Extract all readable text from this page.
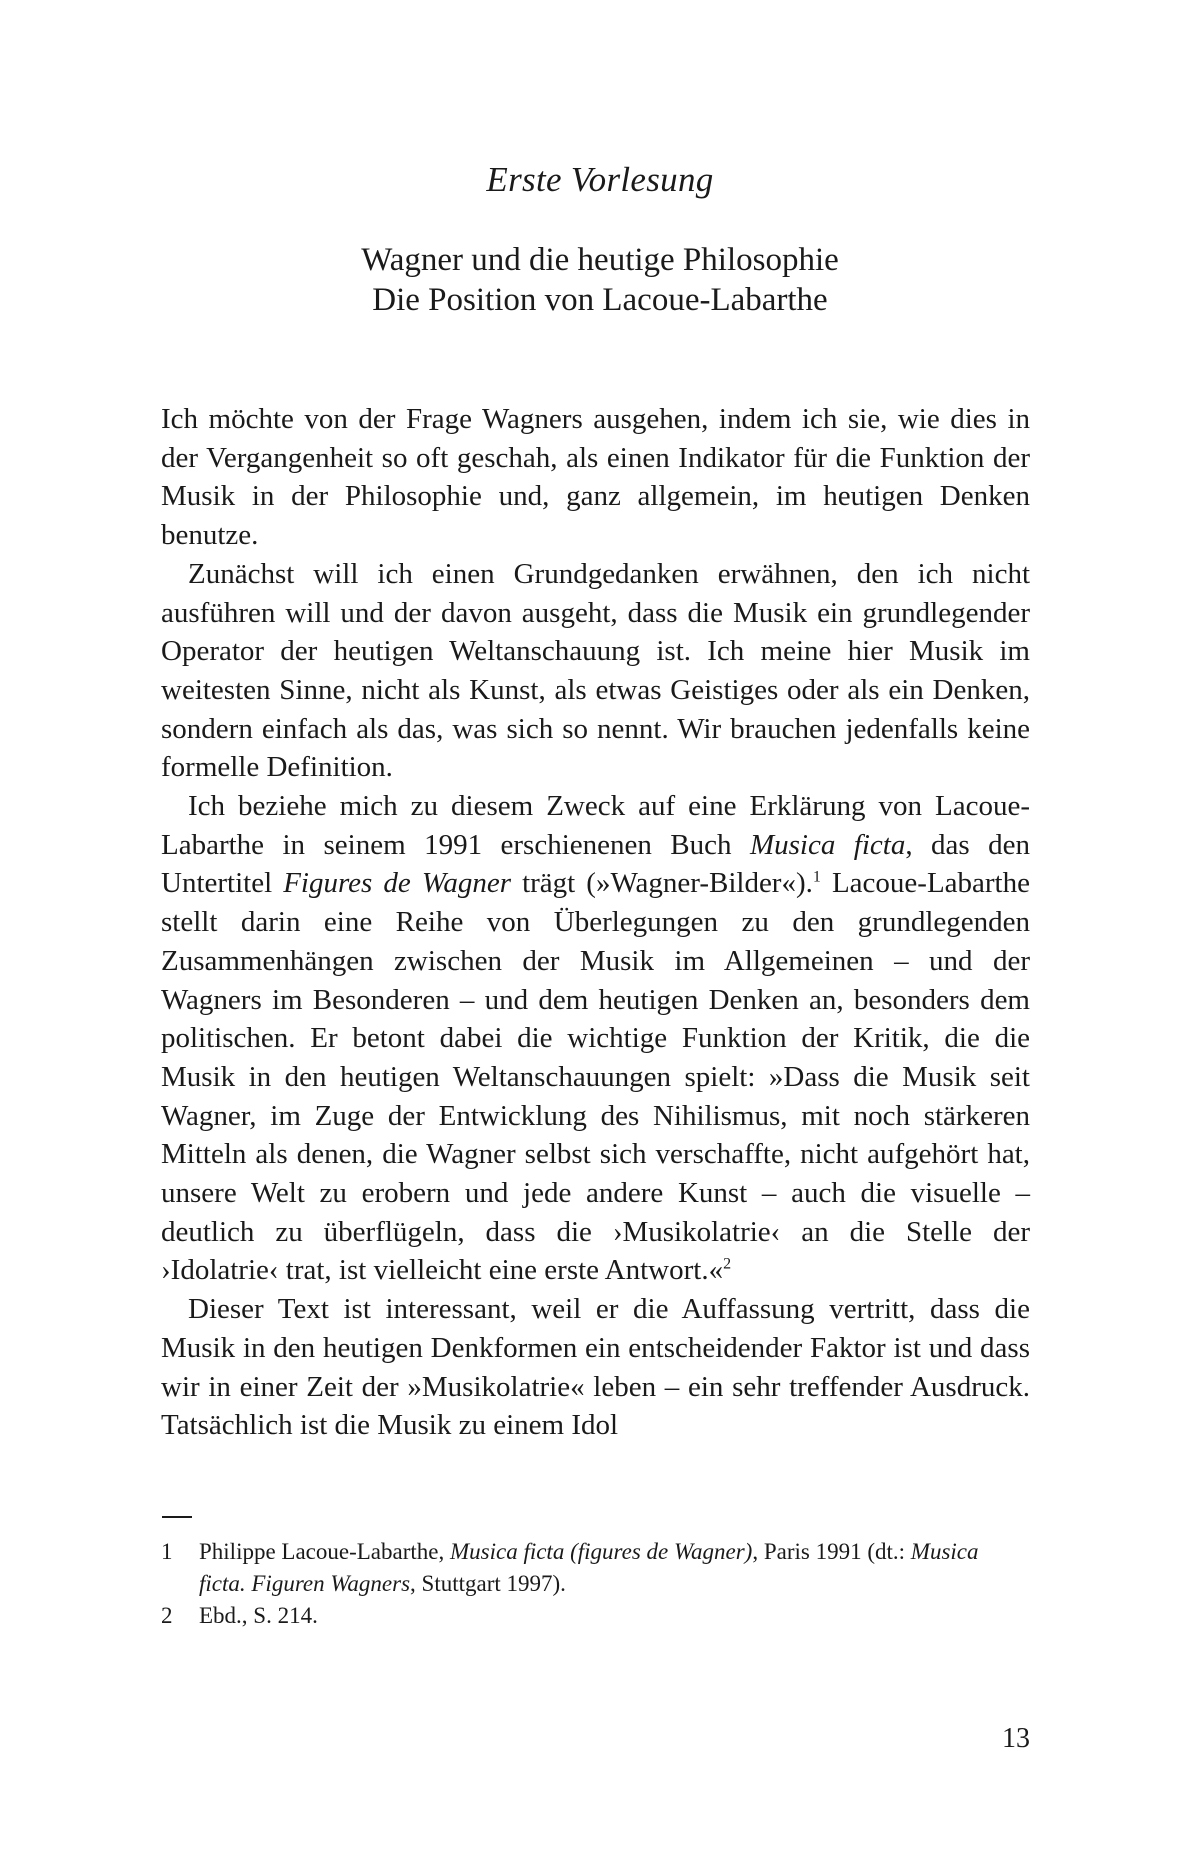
Erste Vorlesung
Wagner und die heutige Philosophie
Die Position von Lacoue-Labarthe

Ich möchte von der Frage Wagners ausgehen, indem ich sie, wie dies in der Vergangenheit so oft geschah, als einen Indikator für die Funktion der Musik in der Philosophie und, ganz allgemein, im heutigen Denken benutze.

Zunächst will ich einen Grundgedanken erwähnen, den ich nicht ausführen will und der davon ausgeht, dass die Musik ein grundlegender Operator der heutigen Weltanschauung ist. Ich meine hier Musik im weitesten Sinne, nicht als Kunst, als etwas Geistiges oder als ein Denken, sondern einfach als das, was sich so nennt. Wir brauchen jedenfalls keine formelle Definition.

Ich beziehe mich zu diesem Zweck auf eine Erklärung von Lacoue-Labarthe in seinem 1991 erschienenen Buch Musica ficta, das den Untertitel Figures de Wagner trägt (»Wagner-Bilder«).$^1$ Lacoue-Labarthe stellt darin eine Reihe von Überlegungen zu den grundlegenden Zusammenhängen zwischen der Musik im Allgemeinen – und der Wagners im Besonderen – und dem heutigen Denken an, besonders dem politischen. Er betont dabei die wichtige Funktion der Kritik, die die Musik in den heutigen Weltanschauungen spielt: »Dass die Musik seit Wagner, im Zuge der Entwicklung des Nihilismus, mit noch stärkeren Mitteln als denen, die Wagner selbst sich verschaffte, nicht aufgehört hat, unsere Welt zu erobern und jede andere Kunst – auch die visuelle – deutlich zu überflügeln, dass die ›Musikolatrie‹ an die Stelle der ›Idolatrie‹ trat, ist vielleicht eine erste Antwort.«$^2$

Dieser Text ist interessant, weil er die Auffassung vertritt, dass die Musik in den heutigen Denkformen ein entscheidender Faktor ist und dass wir in einer Zeit der »Musikolatrie« leben – ein sehr treffender Ausdruck. Tatsächlich ist die Musik zu einem Idol

1	Philippe Lacoue-Labarthe, Musica ficta (figures de Wagner), Paris 1991 (dt.: Musica ficta. Figuren Wagners, Stuttgart 1997).
2	Ebd., S. 214.
13
